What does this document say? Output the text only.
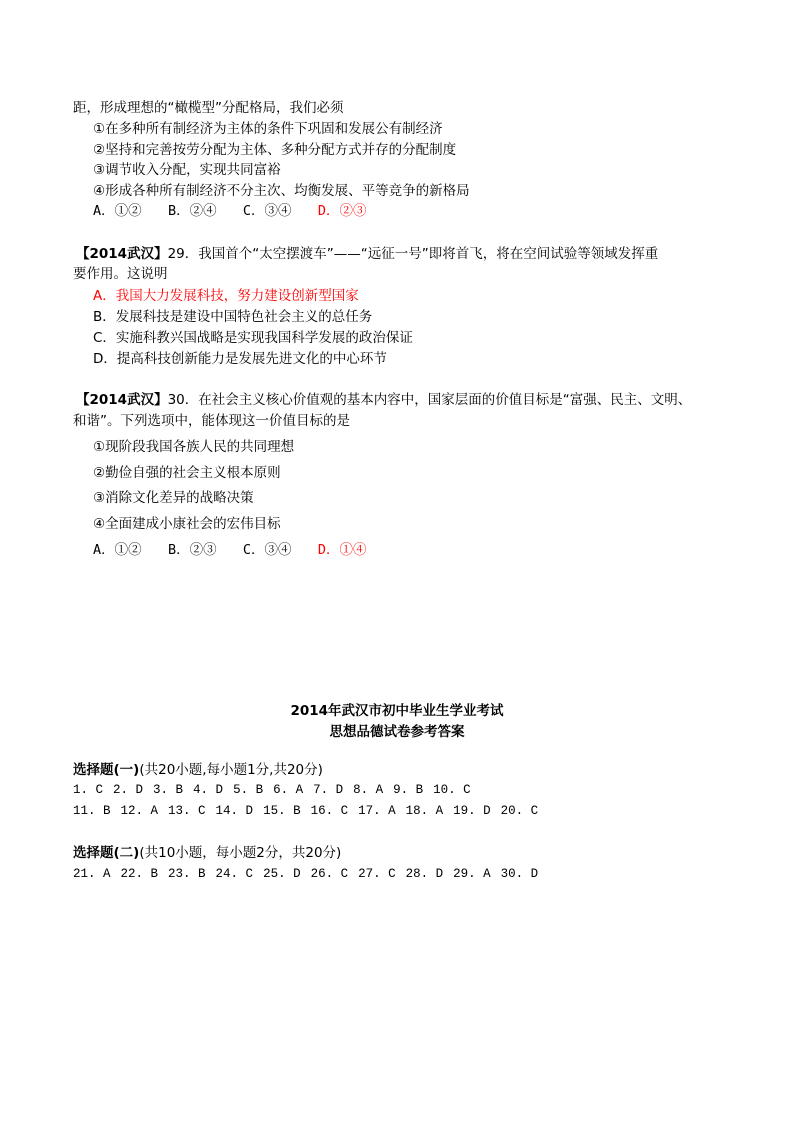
距，形成理想的“橄榄型”分配格局，我们必须
①在多种所有制经济为主体的条件下巩固和发展公有制经济
②坚持和完善按劳分配为主体、多种分配方式并存的分配制度
③调节收入分配，实现共同富裕
④形成各种所有制经济不分主次、均衡发展、平等竞争的新格局
A．①② B．②④ C．③④ D．②③
【2014武汉】29．我国首个“太空摆渡车”——“远征一号”即将首飞，将在空间试验等领域发挥重
要作用。这说明
A．我国大力发展科技，努力建设创新型国家
B．发展科技是建设中国特色社会主义的总任务
C．实施科教兴国战略是实现我国科学发展的政治保证
D．提高科技创新能力是发展先进文化的中心环节
【2014武汉】30．在社会主义核心价值观的基本内容中，国家层面的价值目标是“富强、民主、文明、
和谐”。下列选项中，能体现这一价值目标的是
①现阶段我国各族人民的共同理想
②勤俭自强的社会主义根本原则
③消除文化差异的战略决策
④全面建成小康社会的宏伟目标
A．①② B．②③ C．③④ D．①④
2014年武汉市初中毕业生学业考试
思想品德试卷参考答案
选择题(一)(共20小题,每小题1分,共20分)
1. C 2. D 3. B 4. D 5. B 6. A 7. D 8. A 9. B 10. C
11. B 12. A 13. C 14. D 15. B 16. C 17. A 18. A 19. D 20. C
选择题(二)(共10小题，每小题2分，共20分)
21. A 22. B 23. B 24. C 25. D 26. C 27. C 28. D 29. A 30. D
